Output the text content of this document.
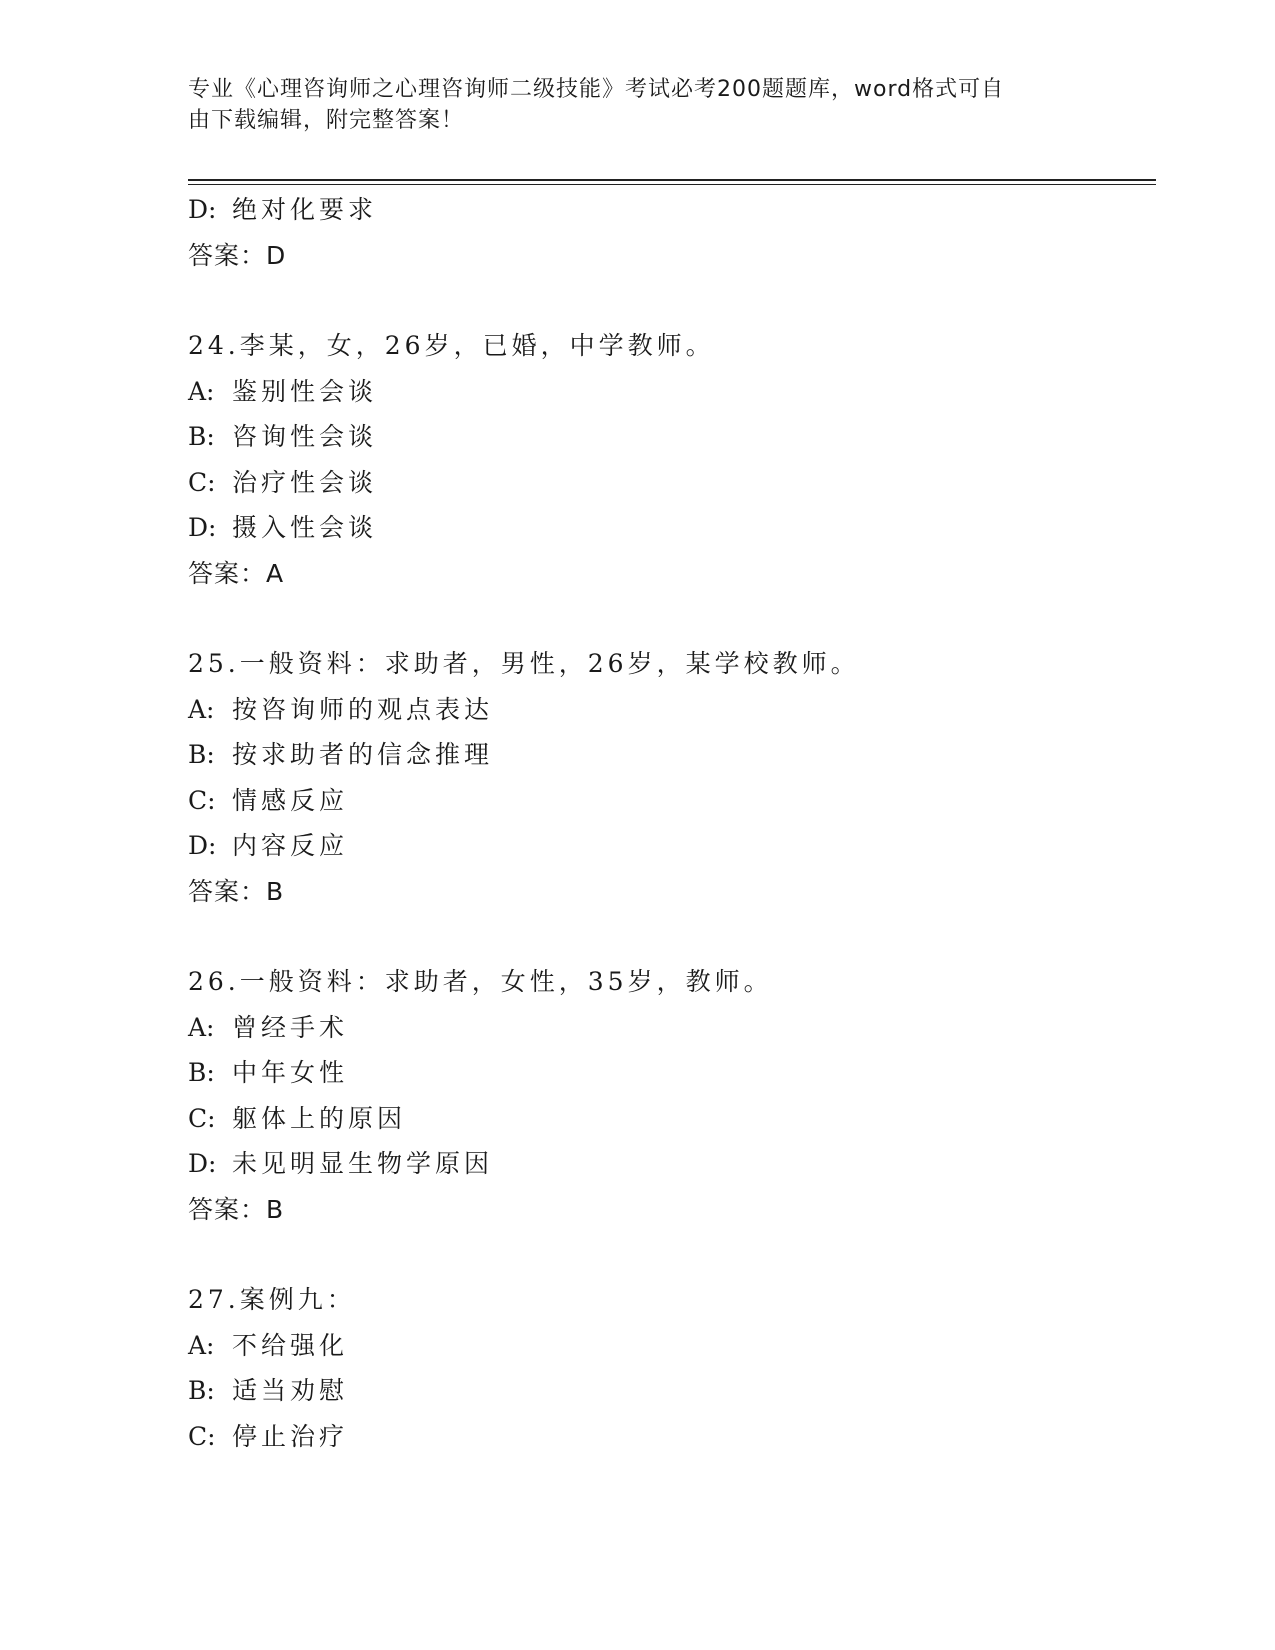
专业《心理咨询师之心理咨询师二级技能》考试必考200题题库，word格式可自
由下载编辑，附完整答案！
D: 绝对化要求
答案：D
24.李某，女，26岁，已婚，中学教师。
A: 鉴别性会谈
B: 咨询性会谈
C: 治疗性会谈
D: 摄入性会谈
答案：A
25.一般资料：求助者，男性，26岁，某学校教师。
A: 按咨询师的观点表达
B: 按求助者的信念推理
C: 情感反应
D: 内容反应
答案：B
26.一般资料：求助者，女性，35岁，教师。
A: 曾经手术
B: 中年女性
C: 躯体上的原因
D: 未见明显生物学原因
答案：B
27.案例九：
A: 不给强化
B: 适当劝慰
C: 停止治疗
